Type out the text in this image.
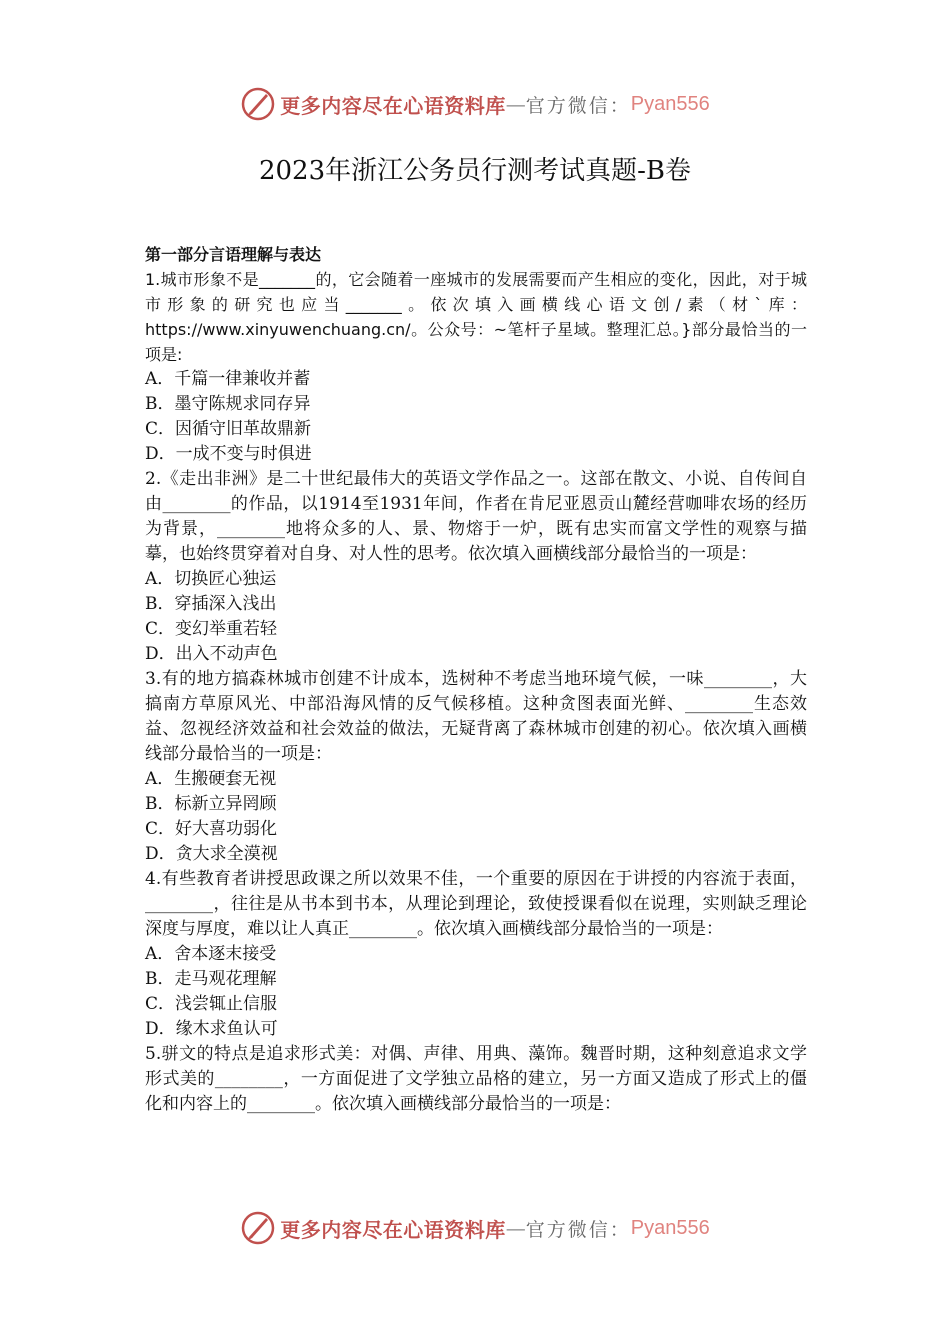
更多内容尽在心语资料库 — 官方微信： Pyan556
2023年浙江公务员行测考试真题-B卷
第一部分言语理解与表达

1.城市形象不是_______的，它会随着一座城市的发展需要而产生相应的变化，因此，对于城市形象的研究也应当_______。依次填入画横线心语文创/素（材`库：https://www.xinyuwenchuang.cn/。公众号：~笔杆子星域。整理汇总。}部分最恰当的一项是:

A．千篇一律兼收并蓄

B．墨守陈规求同存异

C．因循守旧革故鼎新

D．一成不变与时俱进

2.《走出非洲》是二十世纪最伟大的英语文学作品之一。这部在散文、小说、自传间自由________的作品，以1914至1931年间，作者在肯尼亚恩贡山麓经营咖啡农场的经历为背景，________地将众多的人、景、物熔于一炉，既有忠实而富文学性的观察与描摹，也始终贯穿着对自身、对人性的思考。依次填入画横线部分最恰当的一项是：

A．切换匠心独运

B．穿插深入浅出

C．变幻举重若轻

D．出入不动声色

3.有的地方搞森林城市创建不计成本，选树种不考虑当地环境气候，一味________，大搞南方草原风光、中部沿海风情的反气候移植。这种贪图表面光鲜、________生态效益、忽视经济效益和社会效益的做法，无疑背离了森林城市创建的初心。依次填入画横线部分最恰当的一项是：

A．生搬硬套无视

B．标新立异罔顾

C．好大喜功弱化

D．贪大求全漠视

4.有些教育者讲授思政课之所以效果不佳，一个重要的原因在于讲授的内容流于表面，________，往往是从书本到书本，从理论到理论，致使授课看似在说理，实则缺乏理论深度与厚度，难以让人真正________。依次填入画横线部分最恰当的一项是：

A．舍本逐末接受

B．走马观花理解

C．浅尝辄止信服

D．缘木求鱼认可

5.骈文的特点是追求形式美：对偶、声律、用典、藻饰。魏晋时期，这种刻意追求文学形式美的________，一方面促进了文学独立品格的建立，另一方面又造成了形式上的僵化和内容上的________。依次填入画横线部分最恰当的一项是：

更多内容尽在心语资料库 — 官方微信： Pyan556
